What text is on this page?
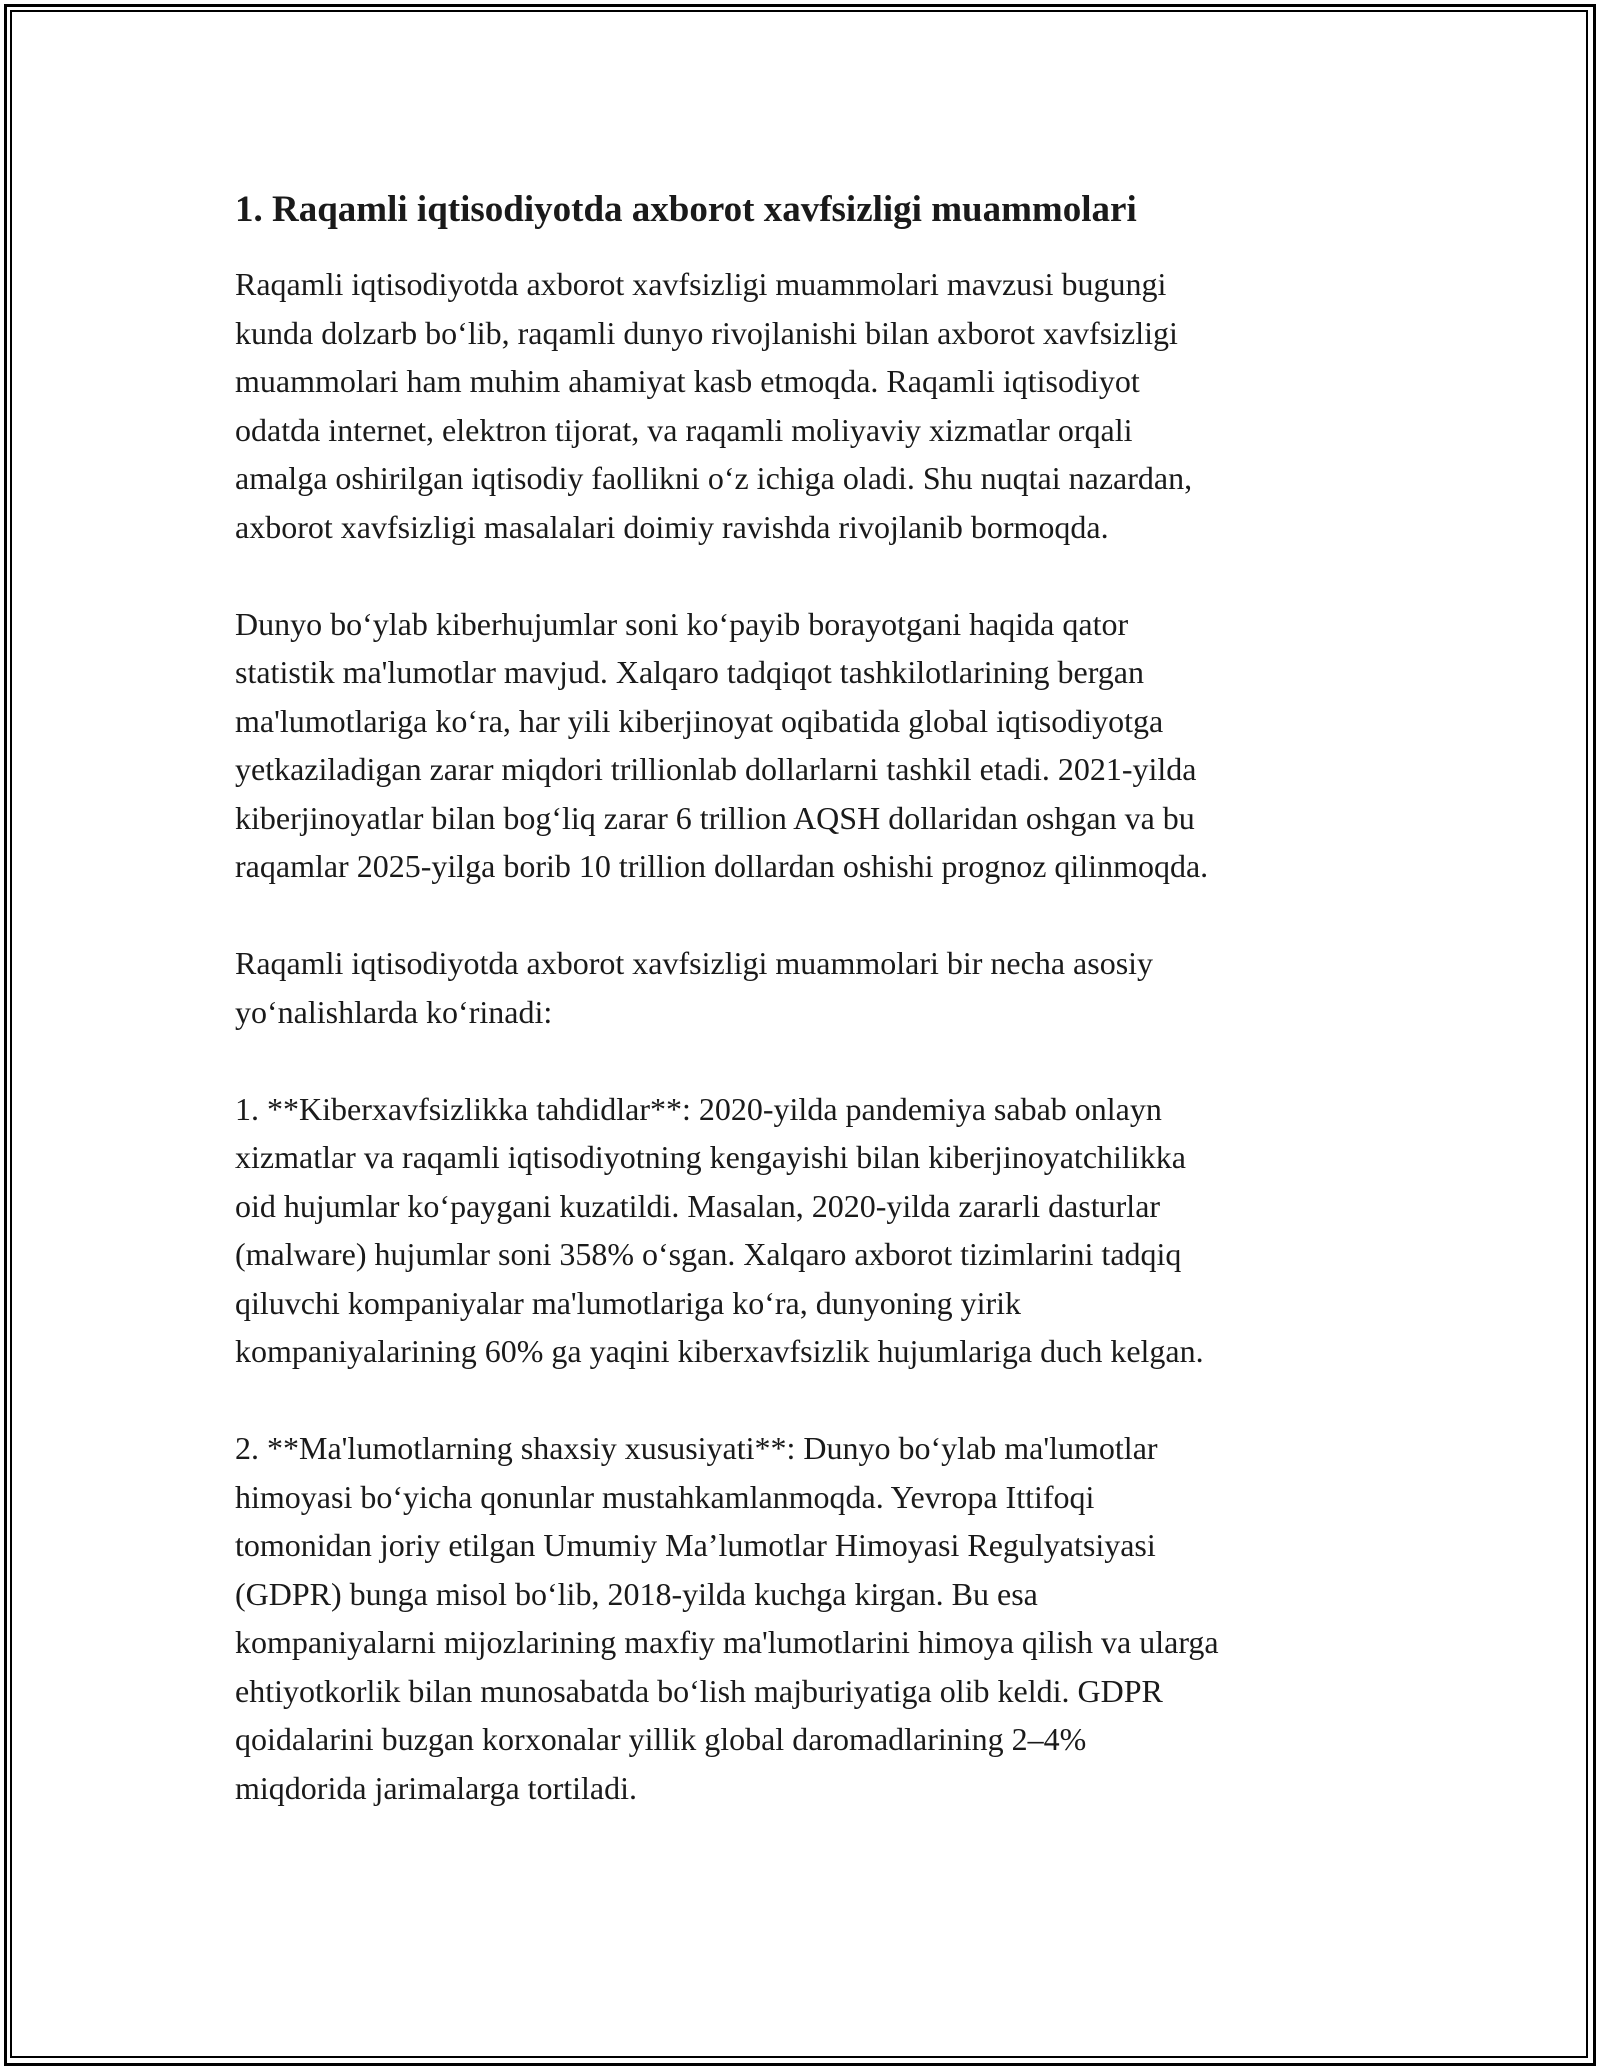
1. Raqamli iqtisodiyotda axborot xavfsizligi muammolari

Raqamli iqtisodiyotda axborot xavfsizligi muammolari mavzusi bugungi
kunda dolzarb bo‘lib, raqamli dunyo rivojlanishi bilan axborot xavfsizligi
muammolari ham muhim ahamiyat kasb etmoqda. Raqamli iqtisodiyot
odatda internet, elektron tijorat, va raqamli moliyaviy xizmatlar orqali
amalga oshirilgan iqtisodiy faollikni o‘z ichiga oladi. Shu nuqtai nazardan,
axborot xavfsizligi masalalari doimiy ravishda rivojlanib bormoqda.

Dunyo bo‘ylab kiberhujumlar soni ko‘payib borayotgani haqida qator
statistik ma'lumotlar mavjud. Xalqaro tadqiqot tashkilotlarining bergan
ma'lumotlariga ko‘ra, har yili kiberjinoyat oqibatida global iqtisodiyotga
yetkaziladigan zarar miqdori trillionlab dollarlarni tashkil etadi. 2021-yilda
kiberjinoyatlar bilan bog‘liq zarar 6 trillion AQSH dollaridan oshgan va bu
raqamlar 2025-yilga borib 10 trillion dollardan oshishi prognoz qilinmoqda.

Raqamli iqtisodiyotda axborot xavfsizligi muammolari bir necha asosiy
yo‘nalishlarda ko‘rinadi:

1. **Kiberxavfsizlikka tahdidlar**: 2020-yilda pandemiya sabab onlayn
xizmatlar va raqamli iqtisodiyotning kengayishi bilan kiberjinoyatchilikka
oid hujumlar ko‘paygani kuzatildi. Masalan, 2020-yilda zararli dasturlar
(malware) hujumlar soni 358% o‘sgan. Xalqaro axborot tizimlarini tadqiq
qiluvchi kompaniyalar ma'lumotlariga ko‘ra, dunyoning yirik
kompaniyalarining 60% ga yaqini kiberxavfsizlik hujumlariga duch kelgan.

2. **Ma'lumotlarning shaxsiy xususiyati**: Dunyo bo‘ylab ma'lumotlar
himoyasi bo‘yicha qonunlar mustahkamlanmoqda. Yevropa Ittifoqi
tomonidan joriy etilgan Umumiy Ma’lumotlar Himoyasi Regulyatsiyasi
(GDPR) bunga misol bo‘lib, 2018-yilda kuchga kirgan. Bu esa
kompaniyalarni mijozlarining maxfiy ma'lumotlarini himoya qilish va ularga
ehtiyotkorlik bilan munosabatda bo‘lish majburiyatiga olib keldi. GDPR
qoidalarini buzgan korxonalar yillik global daromadlarining 2–4%
miqdorida jarimalarga tortiladi.
